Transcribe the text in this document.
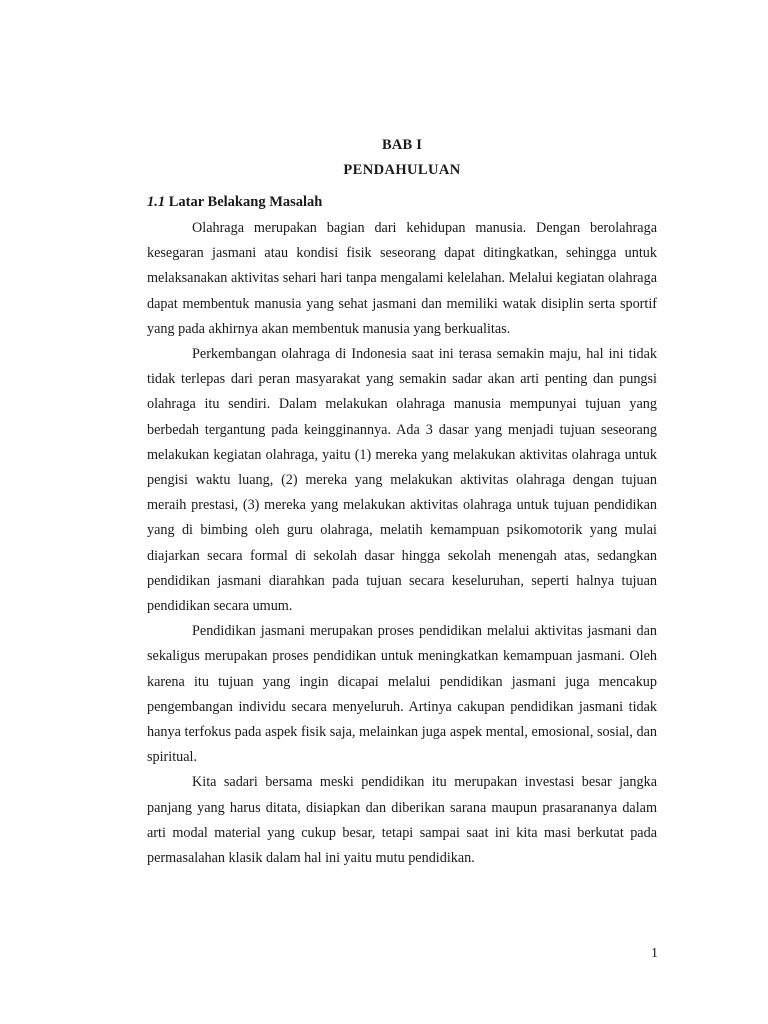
BAB I
PENDAHULUAN
1.1 Latar Belakang Masalah

Olahraga merupakan bagian dari kehidupan manusia. Dengan berolahraga kesegaran jasmani atau kondisi fisik seseorang dapat ditingkatkan, sehingga untuk melaksanakan aktivitas sehari hari tanpa mengalami kelelahan. Melalui kegiatan olahraga dapat membentuk manusia yang sehat jasmani dan memiliki watak disiplin serta sportif yang pada akhirnya akan membentuk manusia yang berkualitas.

Perkembangan olahraga di Indonesia saat ini terasa semakin maju, hal ini tidak tidak terlepas dari peran masyarakat yang semakin sadar akan arti penting dan pungsi olahraga itu sendiri. Dalam melakukan olahraga manusia mempunyai tujuan yang berbedah tergantung pada keingginannya. Ada 3 dasar yang menjadi tujuan seseorang melakukan kegiatan olahraga, yaitu (1) mereka yang melakukan aktivitas olahraga untuk pengisi waktu luang, (2) mereka yang melakukan aktivitas olahraga dengan tujuan meraih prestasi, (3) mereka yang melakukan aktivitas olahraga untuk tujuan pendidikan yang di bimbing oleh guru olahraga, melatih kemampuan psikomotorik yang mulai diajarkan secara formal di sekolah dasar hingga sekolah menengah atas, sedangkan pendidikan jasmani diarahkan pada tujuan secara keseluruhan, seperti halnya tujuan pendidikan secara umum.

Pendidikan jasmani merupakan proses pendidikan melalui aktivitas jasmani dan sekaligus merupakan proses pendidikan untuk meningkatkan kemampuan jasmani. Oleh karena itu tujuan yang ingin dicapai melalui pendidikan jasmani juga mencakup pengembangan individu secara menyeluruh. Artinya cakupan pendidikan jasmani tidak hanya terfokus pada aspek fisik saja, melainkan juga aspek mental, emosional, sosial, dan spiritual.

Kita sadari bersama meski pendidikan itu merupakan investasi besar jangka panjang yang harus ditata, disiapkan dan diberikan sarana maupun prasarananya dalam arti modal material yang cukup besar, tetapi sampai saat ini kita masi berkutat pada permasalahan klasik dalam hal ini yaitu mutu pendidikan.

1
